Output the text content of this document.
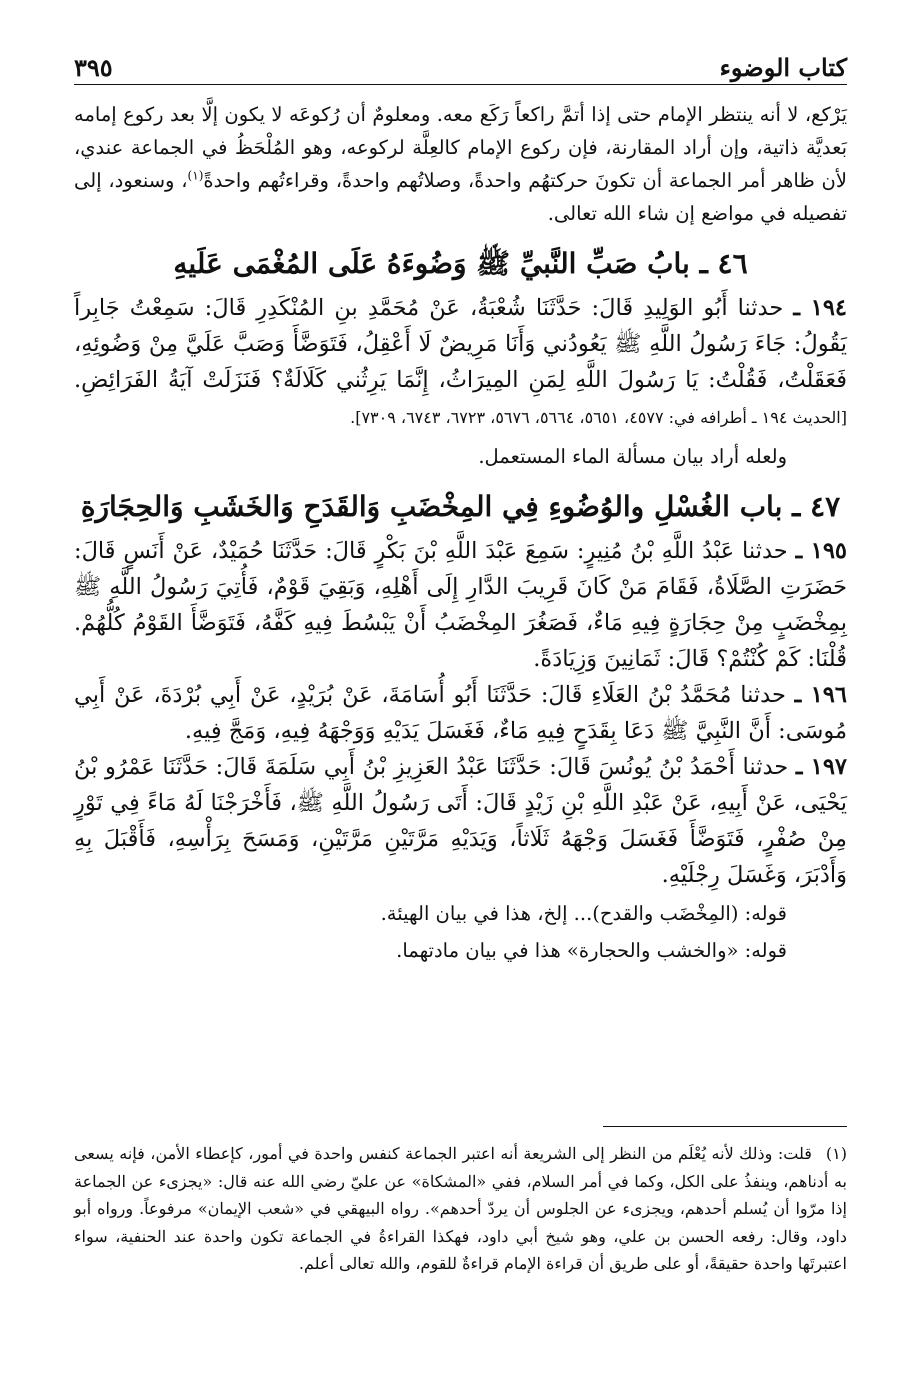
كتاب الوضوء
٣٩٥

يَرْكع، لا أنه ينتظر الإمام حتى إذا أتمَّ راكعاً رَكَع معه. ومعلومٌ أن رُكوعَه لا يكون إلَّا بعد ركوع إمامه بَعديَّة ذاتية، وإن أراد المقارنة، فإن ركوع الإمام كالعِلَّة لركوعه، وهو المُلْحَظُ في الجماعة عندي، لأن ظاهر أمر الجماعة أن تكونَ حركتهُم واحدةً، وصلاتُهم واحدةً، وقراءتُهم واحدةً$^{(١)}$، وسنعود، إلى تفصيله في مواضع إن شاء الله تعالى.

٤٦ ـ بابُ صَبِّ النَّبيِّ ﷺ وَضُوءَهُ عَلَى المُغْمَى عَلَيهِ

١٩٤ ـ حدثنا أَبُو الوَلِيدِ قَالَ: حَدَّثَنَا شُعْبَةُ، عَنْ مُحَمَّدِ بنِ المُنْكَدِرِ قَالَ: سَمِعْتُ جَابِراً يَقُولُ: جَاءَ رَسُولُ اللَّهِ ﷺ يَعُودُني وَأَنَا مَرِيضٌ لَا أَعْقِلُ، فَتَوَضَّأَ وَصَبَّ عَلَيَّ مِنْ وَضُوئِهِ، فَعَقَلْتُ، فَقُلْتُ: يَا رَسُولَ اللَّهِ لِمَنِ المِيرَاثُ، إِنَّمَا يَرِثُني كَلَالَةٌ؟ فَنَزَلَتْ آيَةُ الفَرَائِضِ. [الحديث ١٩٤ ـ أطرافه في: ٤٥٧٧، ٥٦٥١، ٥٦٦٤، ٥٦٧٦، ٦٧٢٣، ٦٧٤٣، ٧٣٠٩].

ولعله أراد بيان مسألة الماء المستعمل.

٤٧ ـ باب الغُسْلِ والوُضُوءِ فِي المِخْضَبِ وَالقَدَحِ وَالخَشَبِ وَالحِجَارَةِ

١٩٥ ـ حدثنا عَبْدُ اللَّهِ بْنُ مُنِيرٍ: سَمِعَ عَبْدَ اللَّهِ بْنَ بَكْرٍ قَالَ: حَدَّثَنَا حُمَيْدٌ، عَنْ أَنَسٍ قَالَ: حَضَرَتِ الصَّلَاةُ، فَقَامَ مَنْ كَانَ قَرِيبَ الدَّارِ إِلَى أَهْلِهِ، وَبَقِيَ قَوْمٌ، فَأُتِيَ رَسُولُ اللَّهِ ﷺ بِمِخْضَبٍ مِنْ حِجَارَةٍ فِيهِ مَاءٌ، فَصَغُرَ المِخْضَبُ أَنْ يَبْسُطَ فِيهِ كَفَّهُ، فَتَوَضَّأَ القَوْمُ كُلُّهُمْ. قُلْنَا: كَمْ كُنْتُمْ؟ قَالَ: ثَمَانِينَ وَزِيَادَةً.

١٩٦ ـ حدثنا مُحَمَّدُ بْنُ العَلَاءِ قَالَ: حَدَّثَنَا أَبُو أُسَامَةَ، عَنْ بُرَيْدٍ، عَنْ أَبِي بُرْدَةَ، عَنْ أَبِي مُوسَى: أَنَّ النَّبِيَّ ﷺ دَعَا بِقَدَحٍ فِيهِ مَاءٌ، فَغَسَلَ يَدَيْهِ وَوَجْهَهُ فِيهِ، وَمَجَّ فِيهِ.

١٩٧ ـ حدثنا أَحْمَدُ بْنُ يُونُسَ قَالَ: حَدَّثَنَا عَبْدُ العَزِيزِ بْنُ أَبِي سَلَمَةَ قَالَ: حَدَّثَنَا عَمْرُو بْنُ يَحْيَى، عَنْ أَبِيهِ، عَنْ عَبْدِ اللَّهِ بْنِ زَيْدٍ قَالَ: أَتَى رَسُولُ اللَّهِ ﷺ، فَأَخْرَجْنَا لَهُ مَاءً فِي تَوْرٍ مِنْ صُفْرٍ، فَتَوَضَّأَ فَغَسَلَ وَجْهَهُ ثَلَاثاً، وَيَدَيْهِ مَرَّتَيْنِ مَرَّتَيْنِ، وَمَسَحَ بِرَأْسِهِ، فَأَقْبَلَ بِهِ وَأَدْبَرَ، وَغَسَلَ رِجْلَيْهِ.

قوله: (المِخْضَب والقدح)... إلخ، هذا في بيان الهيئة.

قوله: «والخشب والحجارة» هذا في بيان مادتهما.

(١)قلت: وذلك لأنه يُعْلَم من النظر إلى الشريعة أنه اعتبر الجماعة كنفس واحدة في أمور، كإعطاء الأمن، فإنه يسعى به أدناهم، وينفذُ على الكل، وكما في أمر السلام، ففي «المشكاة» عن عليّ رضي الله عنه قال: «يجزىء عن الجماعة إذا مرّوا أن يُسلم أحدهم، ويجزىء عن الجلوس أن يردّ أحدهم». رواه البيهقي في «شعب الإيمان» مرفوعاً. ورواه أبو داود، وقال: رفعه الحسن بن علي، وهو شيخ أبي داود، فهكذا القراءةُ في الجماعة تكون واحدة عند الحنفية، سواء اعتبرتَها واحدة حقيقةً، أو على طريق أن قراءة الإمام قراءةٌ للقوم، والله تعالى أعلم.
